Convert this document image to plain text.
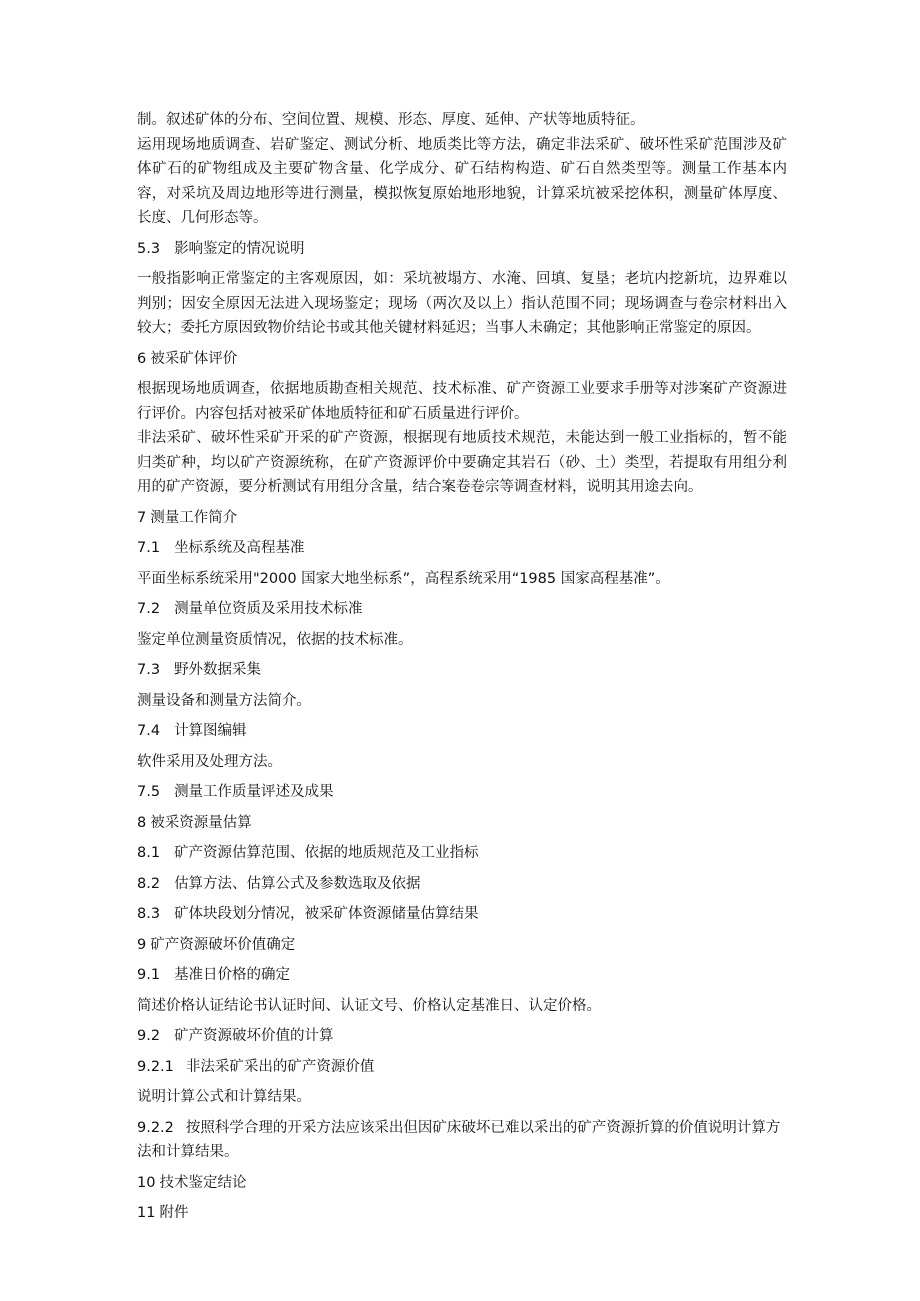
制。叙述矿体的分布、空间位置、规模、形态、厚度、延伸、产状等地质特征。

运用现场地质调查、岩矿鉴定、测试分析、地质类比等方法，确定非法采矿、破坏性采矿范围涉及矿体矿石的矿物组成及主要矿物含量、化学成分、矿石结构构造、矿石自然类型等。测量工作基本内容，对采坑及周边地形等进行测量，模拟恢复原始地形地貌，计算采坑被采挖体积，测量矿体厚度、长度、几何形态等。

5.3 影响鉴定的情况说明

一般指影响正常鉴定的主客观原因，如：采坑被塌方、水淹、回填、复垦；老坑内挖新坑，边界难以判别；因安全原因无法进入现场鉴定；现场（两次及以上）指认范围不同；现场调查与卷宗材料出入较大；委托方原因致物价结论书或其他关键材料延迟；当事人未确定；其他影响正常鉴定的原因。

6 被采矿体评价

根据现场地质调查，依据地质勘查相关规范、技术标准、矿产资源工业要求手册等对涉案矿产资源进行评价。内容包括对被采矿体地质特征和矿石质量进行评价。

非法采矿、破坏性采矿开采的矿产资源，根据现有地质技术规范，未能达到一般工业指标的，暂不能归类矿种，均以矿产资源统称，在矿产资源评价中要确定其岩石（砂、土）类型，若提取有用组分利用的矿产资源，要分析测试有用组分含量，结合案卷卷宗等调查材料，说明其用途去向。

7 测量工作简介
7.1 坐标系统及高程基准

平面坐标系统采用"2000 国家大地坐标系”，高程系统采用“1985 国家高程基准”。

7.2 测量单位资质及采用技术标准

鉴定单位测量资质情况，依据的技术标准。

7.3 野外数据采集

测量设备和测量方法简介。

7.4 计算图编辑

软件采用及处理方法。

7.5 测量工作质量评述及成果
8 被采资源量估算
8.1 矿产资源估算范围、依据的地质规范及工业指标
8.2 估算方法、估算公式及参数选取及依据
8.3 矿体块段划分情况，被采矿体资源储量估算结果
9 矿产资源破坏价值确定
9.1 基准日价格的确定

简述价格认证结论书认证时间、认证文号、价格认定基准日、认定价格。

9.2 矿产资源破坏价值的计算
9.2.1 非法采矿采出的矿产资源价值

说明计算公式和计算结果。

9.2.2 按照科学合理的开采方法应该采出但因矿床破坏已难以采出的矿产资源折算的价值说明计算方法和计算结果。
10 技术鉴定结论
11 附件
